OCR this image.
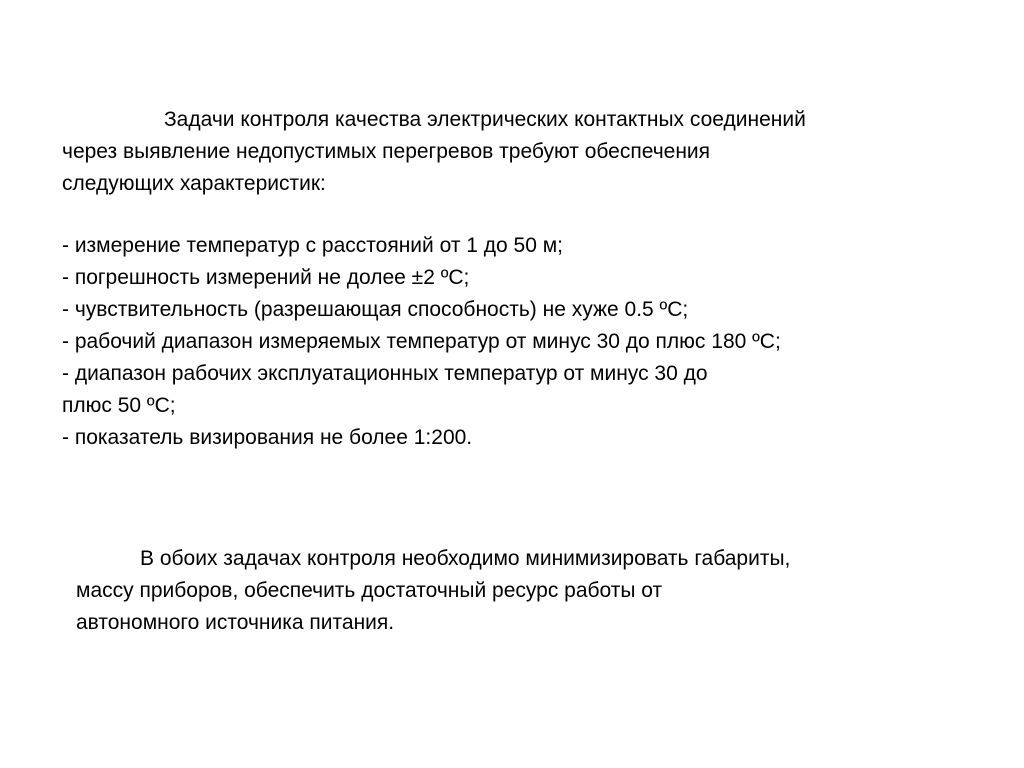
Задачи контроля качества электрических контактных соединений
через выявление недопустимых перегревов требуют обеспечения
следующих характеристик:
- измерение температур с расстояний от 1 до 50 м;
- погрешность измерений не долее ±2 ºС;
- чувствительность (разрешающая способность) не хуже 0.5 ºС;
- рабочий диапазон измеряемых температур от минус 30 до плюс 180 ºС;
- диапазон рабочих эксплуатационных температур от минус 30 до
плюс 50 ºС;
- показатель визирования не более 1:200.
В обоих задачах контроля необходимо минимизировать габариты,
массу приборов, обеспечить достаточный ресурс работы от
автономного источника питания.
